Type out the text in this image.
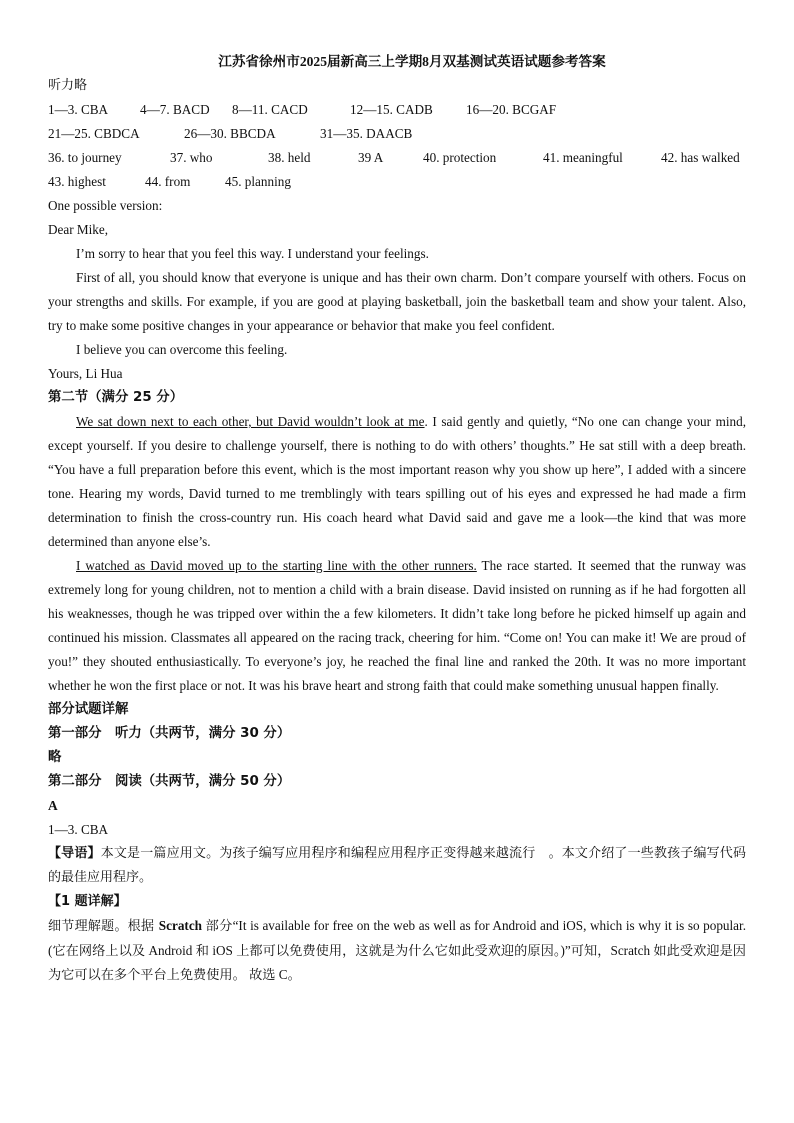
江苏省徐州市2025届新高三上学期8月双基测试英语试题参考答案
听力略
1—3. CBA	4—7. BACD	8—11. CACD	12—15. CADB	16—20. BCGAF
21—25. CBDCA	26—30. BBCDA	31—35. DAACB
36. to journey	37. who	38. held	39 A	40. protection	41. meaningful	42. has walked
43. highest	44. from	45. planning
One possible version:
Dear Mike,
I’m sorry to hear that you feel this way. I understand your feelings.
First of all, you should know that everyone is unique and has their own charm. Don’t compare yourself with others. Focus on your strengths and skills. For example, if you are good at playing basketball, join the basketball team and show your talent. Also, try to make some positive changes in your appearance or behavior that make you feel confident.
I believe you can overcome this feeling.
Yours, Li Hua
第二节（满分 25 分）
We sat down next to each other, but David wouldn’t look at me. I said gently and quietly, “No one can change your mind, except yourself. If you desire to challenge yourself, there is nothing to do with others’ thoughts.” He sat still with a deep breath. “You have a full preparation before this event, which is the most important reason why you show up here”, I added with a sincere tone. Hearing my words, David turned to me tremblingly with tears spilling out of his eyes and expressed he had made a firm determination to finish the cross-country run. His coach heard what David said and gave me a look—the kind that was more determined than anyone else’s.
I watched as David moved up to the starting line with the other runners. The race started. It seemed that the runway was extremely long for young children, not to mention a child with a brain disease. David insisted on running as if he had forgotten all his weaknesses, though he was tripped over within the a few kilometers. It didn’t take long before he picked himself up again and continued his mission. Classmates all appeared on the racing track, cheering for him. “Come on! You can make it! We are proud of you!” they shouted enthusiastically. To everyone’s joy, he reached the final line and ranked the 20th. It was no more important whether he won the first place or not. It was his brave heart and strong faith that could make something unusual happen finally.
部分试题详解
第一部分　听力（共两节，满分 30 分）
略
第二部分　阅读（共两节，满分 50 分）
A
1—3. CBA
【导语】本文是一篇应用文。为孩子编写应用程序和编程应用程序正变得越来越流行　。本文介绍了一些教孩子编写代码的最佳应用程序。
【1 题详解】
细节理解题。根据 Scratch 部分“It is available for free on the web as well as for Android and iOS, which is why it is so popular. (它在网络上以及 Android 和 iOS 上都可以免费使用，这就是为什么它如此受欢迎的原因。)”可知，Scratch 如此受欢迎是因为它可以在多个平台上免费使用。 故选 C。
